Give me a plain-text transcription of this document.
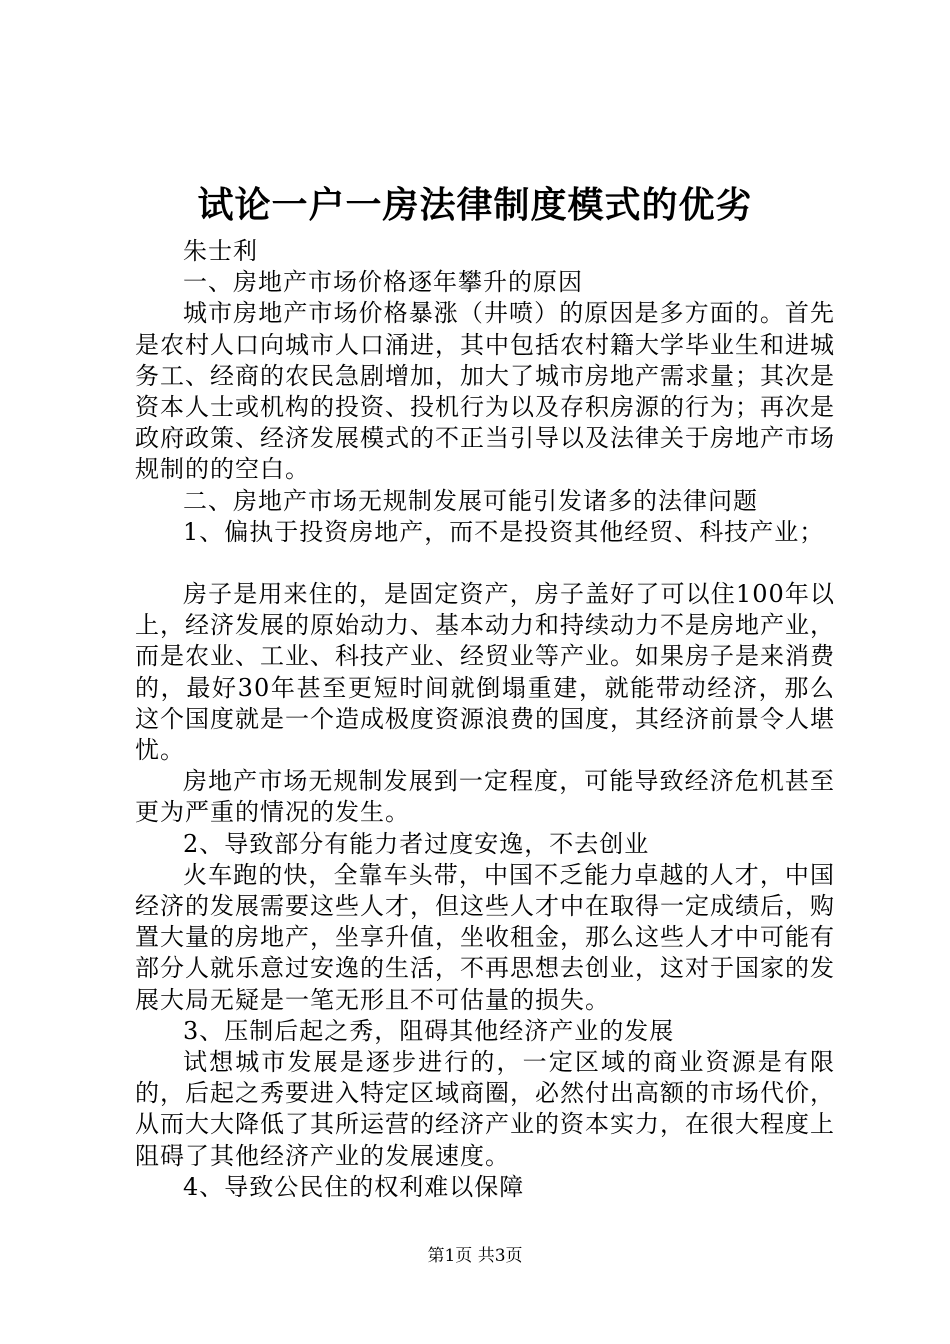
试论一户一房法律制度模式的优劣

朱士利

一、房地产市场价格逐年攀升的原因

城市房地产市场价格暴涨（井喷）的原因是多方面的。首先是农村人口向城市人口涌进，其中包括农村籍大学毕业生和进城务工、经商的农民急剧增加，加大了城市房地产需求量；其次是资本人士或机构的投资、投机行为以及存积房源的行为；再次是政府政策、经济发展模式的不正当引导以及法律关于房地产市场规制的的空白。

二、房地产市场无规制发展可能引发诸多的法律问题

1、偏执于投资房地产，而不是投资其他经贸、科技产业；

房子是用来住的，是固定资产，房子盖好了可以住100年以上，经济发展的原始动力、基本动力和持续动力不是房地产业，而是农业、工业、科技产业、经贸业等产业。如果房子是来消费的，最好30年甚至更短时间就倒塌重建，就能带动经济，那么这个国度就是一个造成极度资源浪费的国度，其经济前景令人堪忧。

房地产市场无规制发展到一定程度，可能导致经济危机甚至更为严重的情况的发生。

2、导致部分有能力者过度安逸，不去创业

火车跑的快，全靠车头带，中国不乏能力卓越的人才，中国经济的发展需要这些人才，但这些人才中在取得一定成绩后，购置大量的房地产，坐享升值，坐收租金，那么这些人才中可能有部分人就乐意过安逸的生活，不再思想去创业，这对于国家的发展大局无疑是一笔无形且不可估量的损失。

3、压制后起之秀，阻碍其他经济产业的发展

试想城市发展是逐步进行的，一定区域的商业资源是有限的，后起之秀要进入特定区域商圈，必然付出高额的市场代价，从而大大降低了其所运营的经济产业的资本实力，在很大程度上阻碍了其他经济产业的发展速度。

4、导致公民住的权利难以保障

第1页 共3页
